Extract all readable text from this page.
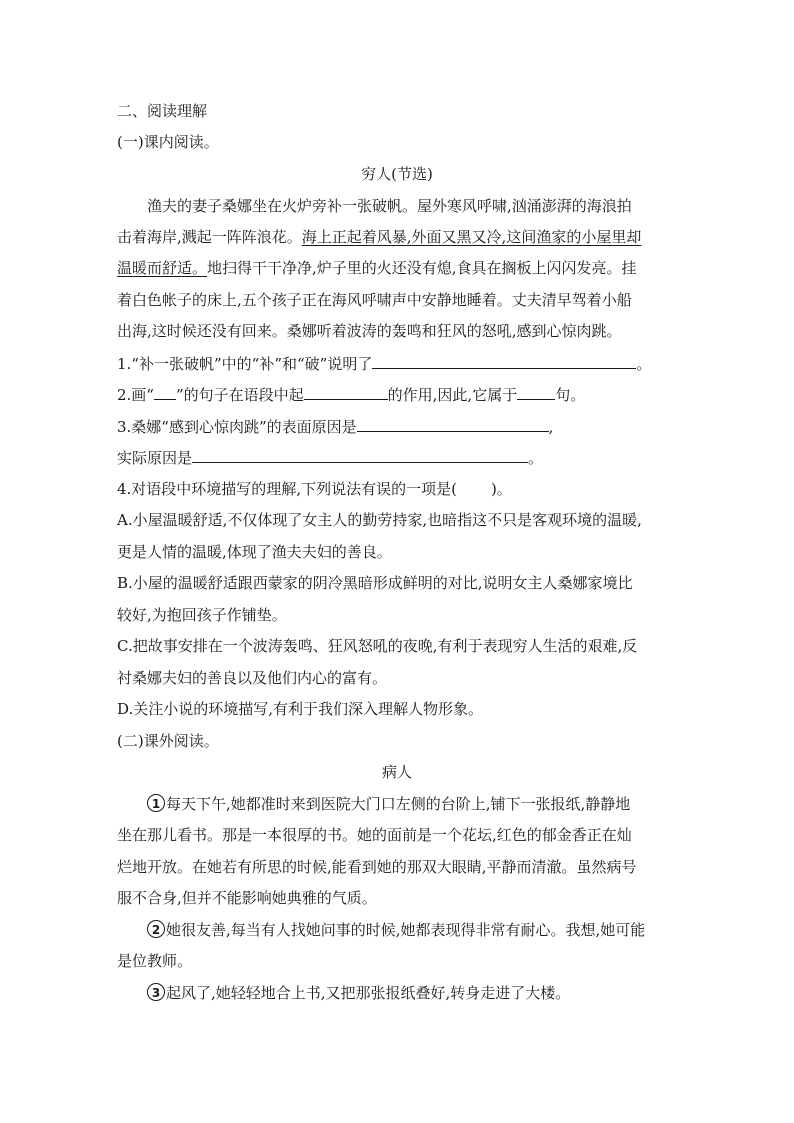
二、阅读理解
(一)课内阅读。
穷人(节选)
渔夫的妻子桑娜坐在火炉旁补一张破帆。屋外寒风呼啸,汹涌澎湃的海浪拍
击着海岸,溅起一阵阵浪花。海上正起着风暴,外面又黑又冷,这间渔家的小屋里却
温暖而舒适。地扫得干干净净,炉子里的火还没有熄,食具在搁板上闪闪发亮。挂
着白色帐子的床上,五个孩子正在海风呼啸声中安静地睡着。丈夫清早驾着小船
出海,这时候还没有回来。桑娜听着波涛的轰鸣和狂风的怒吼,感到心惊肉跳。
1.“补一张破帆”中的“补”和“破”说明了	。
2.画“ ”的句子在语段中起	的作用,因此,它属于	句。
3.桑娜“感到心惊肉跳”的表面原因是	,
实际原因是	。
4.对语段中环境描写的理解,下列说法有误的一项是( )。
A.小屋温暖舒适,不仅体现了女主人的勤劳持家,也暗指这不只是客观环境的温暖,
更是人情的温暖,体现了渔夫夫妇的善良。
B.小屋的温暖舒适跟西蒙家的阴冷黑暗形成鲜明的对比,说明女主人桑娜家境比
较好,为抱回孩子作铺垫。
C.把故事安排在一个波涛轰鸣、狂风怒吼的夜晚,有利于表现穷人生活的艰难,反
衬桑娜夫妇的善良以及他们内心的富有。
D.关注小说的环境描写,有利于我们深入理解人物形象。
(二)课外阅读。
病人
1 每天下午,她都准时来到医院大门口左侧的台阶上,铺下一张报纸,静静地
坐在那儿看书。那是一本很厚的书。她的面前是一个花坛,红色的郁金香正在灿
烂地开放。在她若有所思的时候,能看到她的那双大眼睛,平静而清澈。虽然病号
服不合身,但并不能影响她典雅的气质。
2 她很友善,每当有人找她问事的时候,她都表现得非常有耐心。我想,她可能
是位教师。
3 起风了,她轻轻地合上书,又把那张报纸叠好,转身走进了大楼。
